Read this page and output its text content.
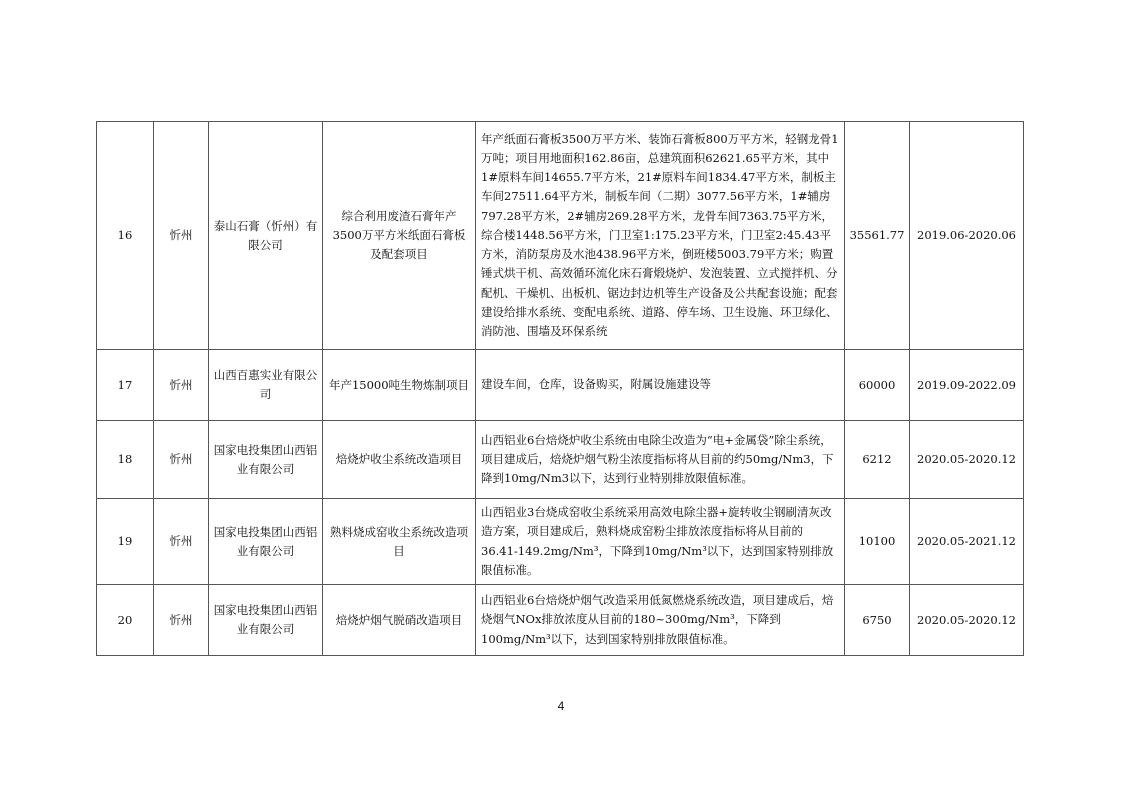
16	忻州	泰山石膏（忻州）有限公司	综合利用废渣石膏年产3500万平方米纸面石膏板及配套项目	年产纸面石膏板3500万平方米、装饰石膏板800万平方米，轻钢龙骨1万吨；项目用地面积162.86亩，总建筑面积62621.65平方米，其中1#原料车间14655.7平方米，21#原料车间1834.47平方米，制板主车间27511.64平方米，制板车间（二期）3077.56平方米，1#辅房797.28平方米，2#辅房269.28平方米，龙骨车间7363.75平方米，综合楼1448.56平方米，门卫室1:175.23平方米，门卫室2:45.43平方米，消防泵房及水池438.96平方米，倒班楼5003.79平方米；购置锤式烘干机、高效循环流化床石膏煅烧炉、发泡装置、立式搅拌机、分配机、干燥机、出板机、锯边封边机等生产设备及公共配套设施；配套建设给排水系统、变配电系统、道路、停车场、卫生设施、环卫绿化、消防池、围墙及环保系统	35561.77	2019.06-2020.06
17	忻州	山西百惠实业有限公司	年产15000吨生物炼制项目	建设车间，仓库，设备购买，附属设施建设等	60000	2019.09-2022.09
18	忻州	国家电投集团山西铝业有限公司	焙烧炉收尘系统改造项目	山西铝业6台焙烧炉收尘系统由电除尘改造为“电+金属袋”除尘系统，项目建成后，焙烧炉烟气粉尘浓度指标将从目前的约50mg/Nm3，下降到10mg/Nm3以下，达到行业特别排放限值标准。	6212	2020.05-2020.12
19	忻州	国家电投集团山西铝业有限公司	熟料烧成窑收尘系统改造项目	山西铝业3台烧成窑收尘系统采用高效电除尘器+旋转收尘钢刷清灰改造方案，项目建成后，熟料烧成窑粉尘排放浓度指标将从目前的36.41-149.2mg/Nm³，下降到10mg/Nm³以下，达到国家特别排放限值标准。	10100	2020.05-2021.12
20	忻州	国家电投集团山西铝业有限公司	焙烧炉烟气脱硝改造项目	山西铝业6台焙烧炉烟气改造采用低氮燃烧系统改造，项目建成后，焙烧烟气NOx排放浓度从目前的180~300mg/Nm³，下降到100mg/Nm³以下，达到国家特别排放限值标准。	6750	2020.05-2020.12
4
